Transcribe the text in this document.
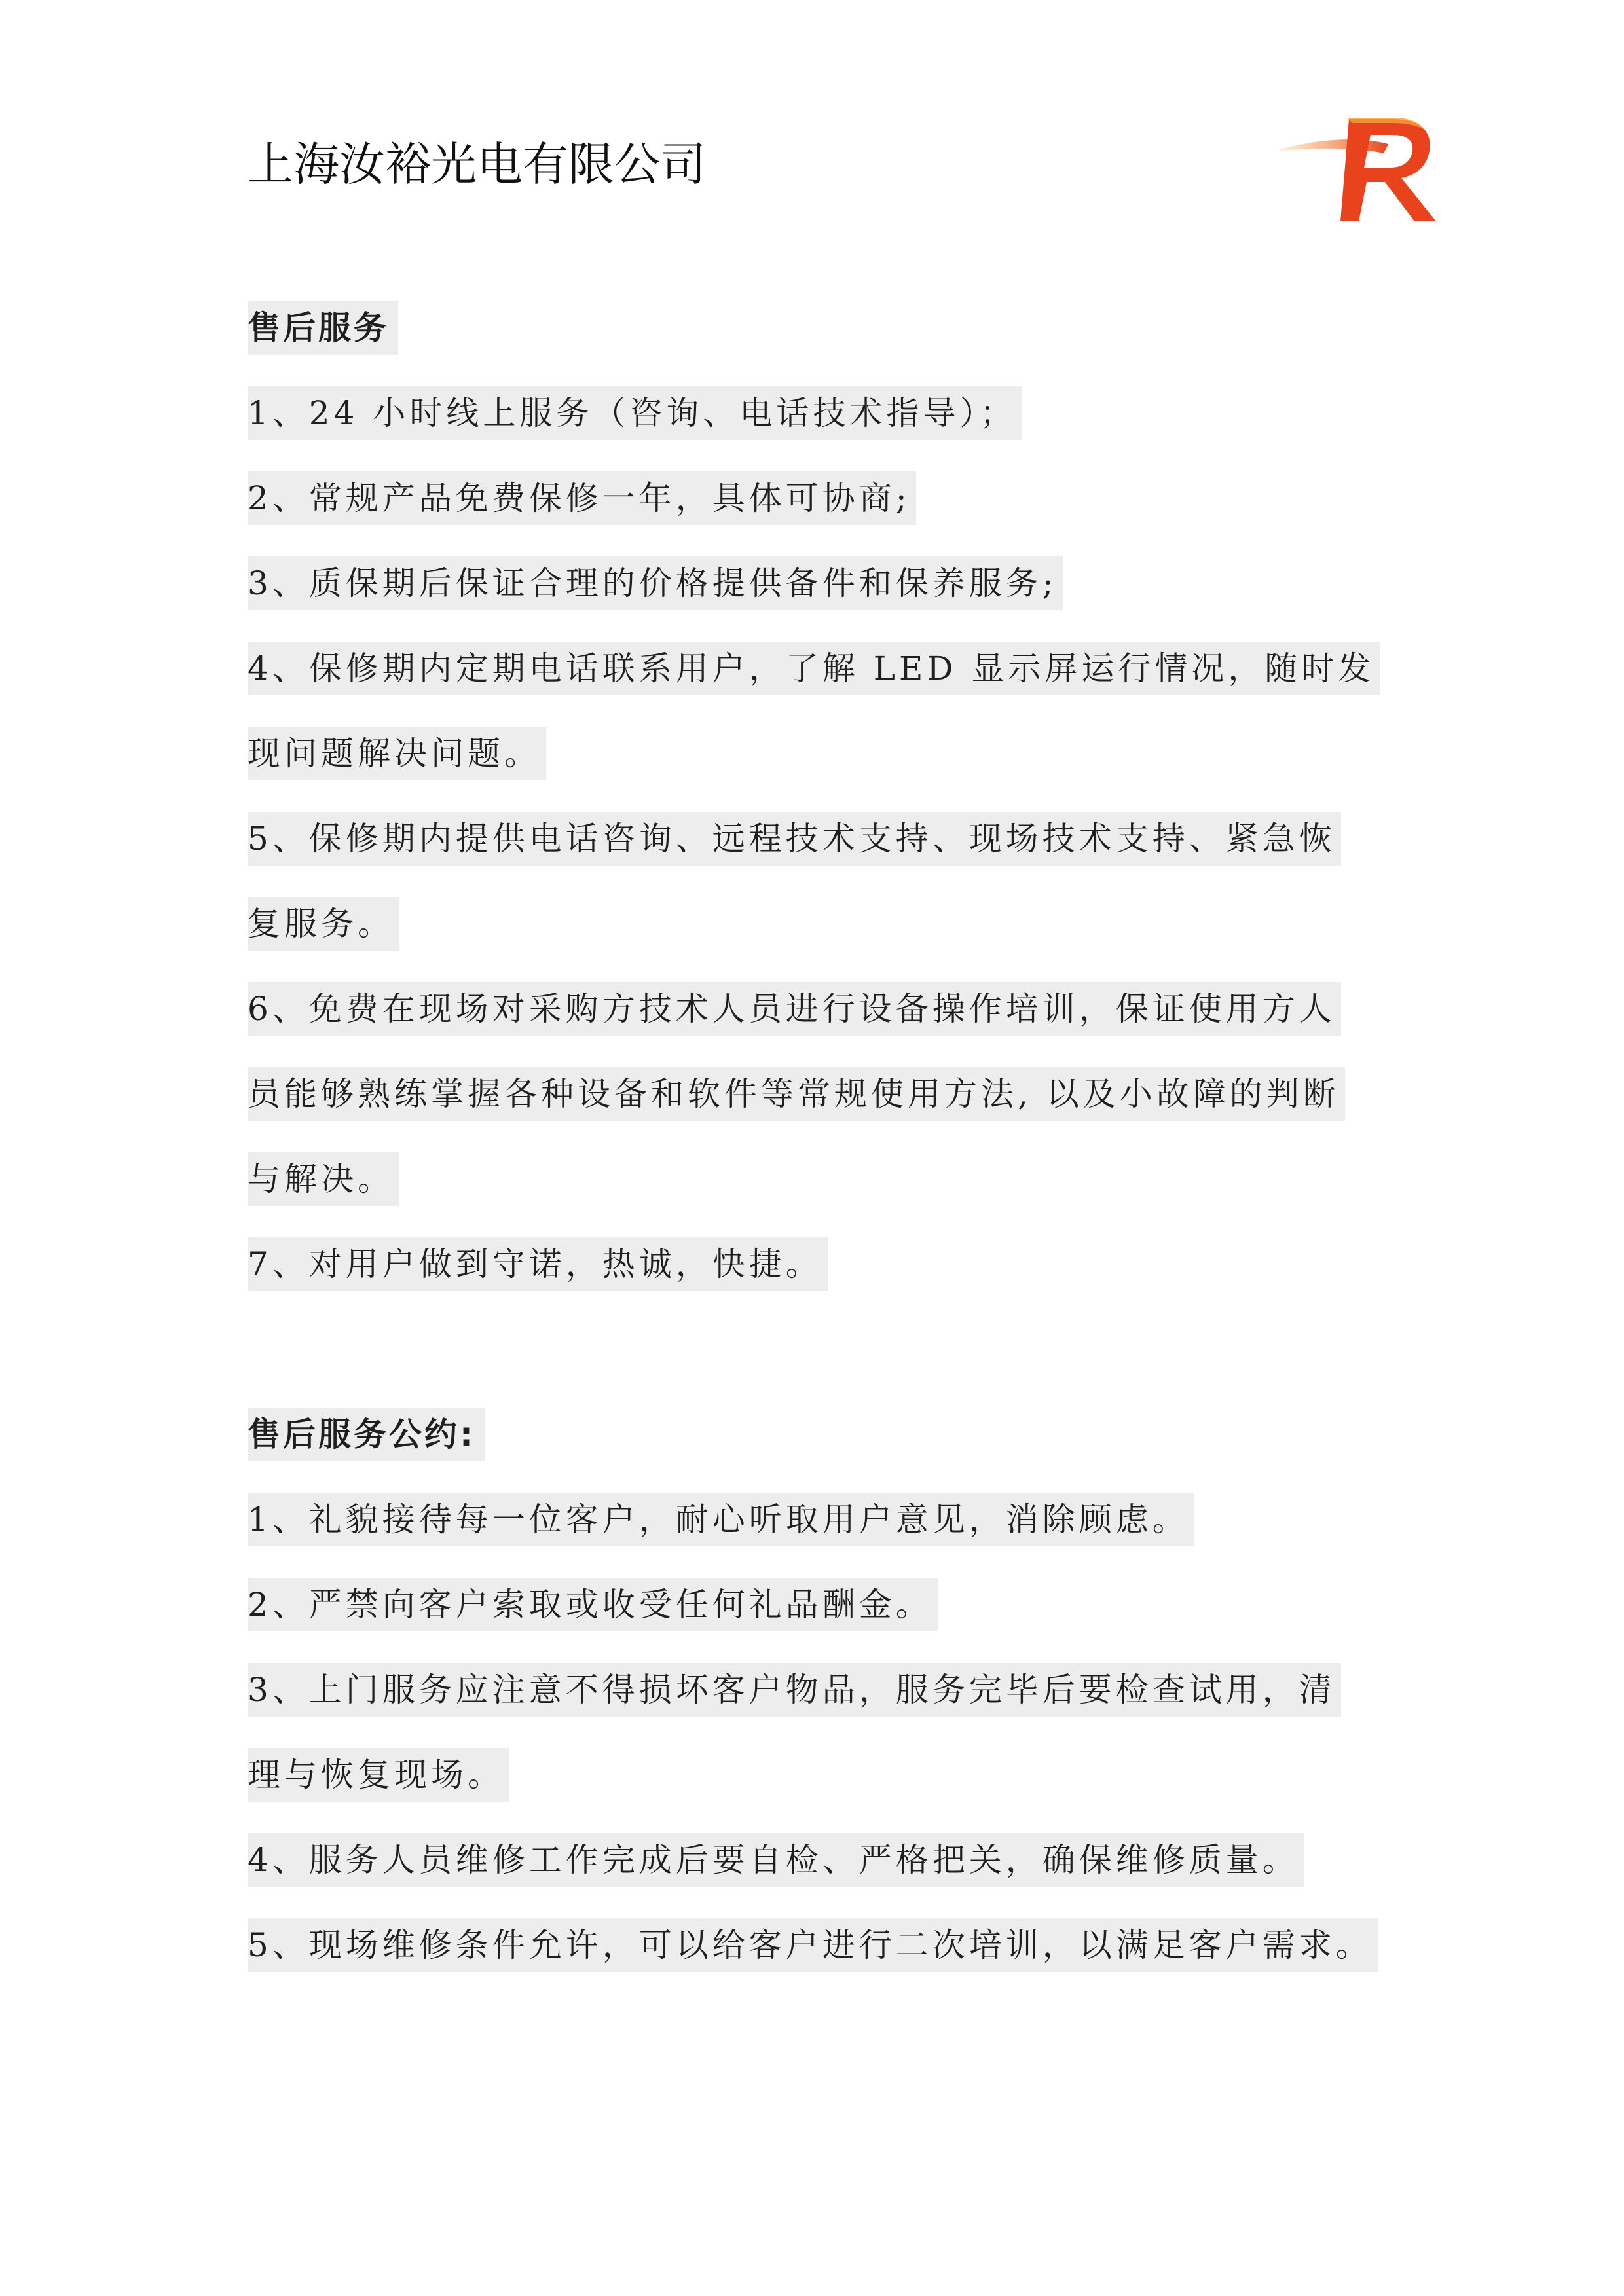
上海汝裕光电有限公司
售后服务
1、24 小时线上服务（咨询、电话技术指导）；
2、常规产品免费保修一年，具体可协商;
3、质保期后保证合理的价格提供备件和保养服务;
4、保修期内定期电话联系用户，了解 LED 显示屏运行情况，随时发
现问题解决问题。
5、保修期内提供电话咨询、远程技术支持、现场技术支持、紧急恢
复服务。
6、免费在现场对采购方技术人员进行设备操作培训，保证使用方人
员能够熟练掌握各种设备和软件等常规使用方法, 以及小故障的判断
与解决。
7、对用户做到守诺，热诚，快捷。
售后服务公约:
1、礼貌接待每一位客户，耐心听取用户意见，消除顾虑。
2、严禁向客户索取或收受任何礼品酬金。
3、上门服务应注意不得损坏客户物品，服务完毕后要检查试用，清
理与恢复现场。
4、服务人员维修工作完成后要自检、严格把关，确保维修质量。
5、现场维修条件允许，可以给客户进行二次培训，以满足客户需求。
